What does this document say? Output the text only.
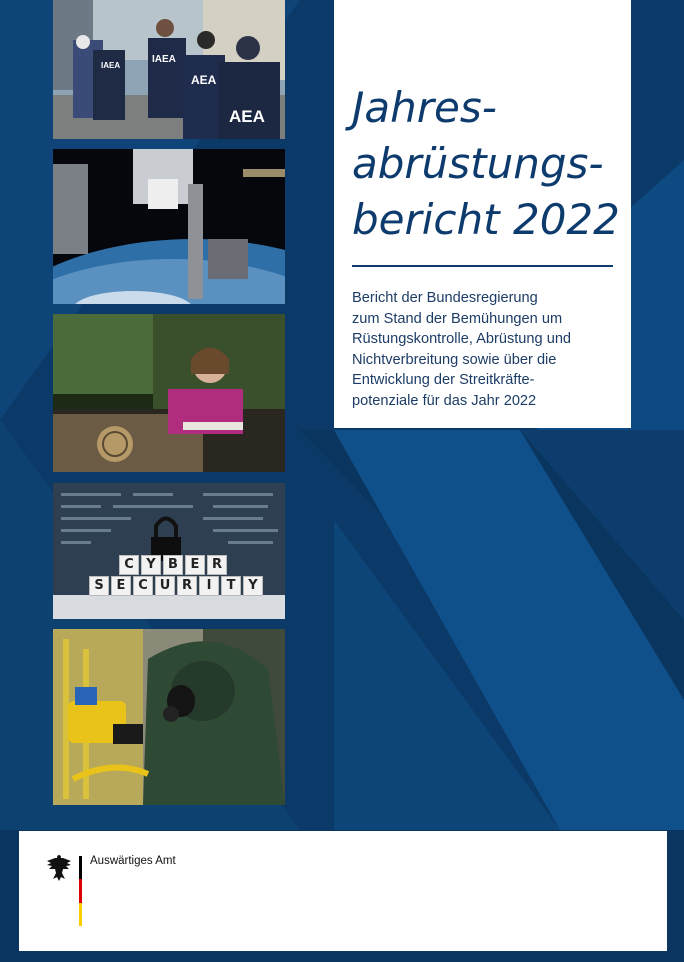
IAEA
IAEA
AEA
AEA
C Y B E R
S E C U R	I	T Y
Jahres-
abrüstungs-
bericht 2022

Bericht der Bundesregierung
zum Stand der Bemühungen um
Rüstungskontrolle, Abrüstung und
Nichtverbreitung sowie über die
Entwicklung der Streitkräfte-
potenziale für das Jahr 2022

Auswärtiges Amt
